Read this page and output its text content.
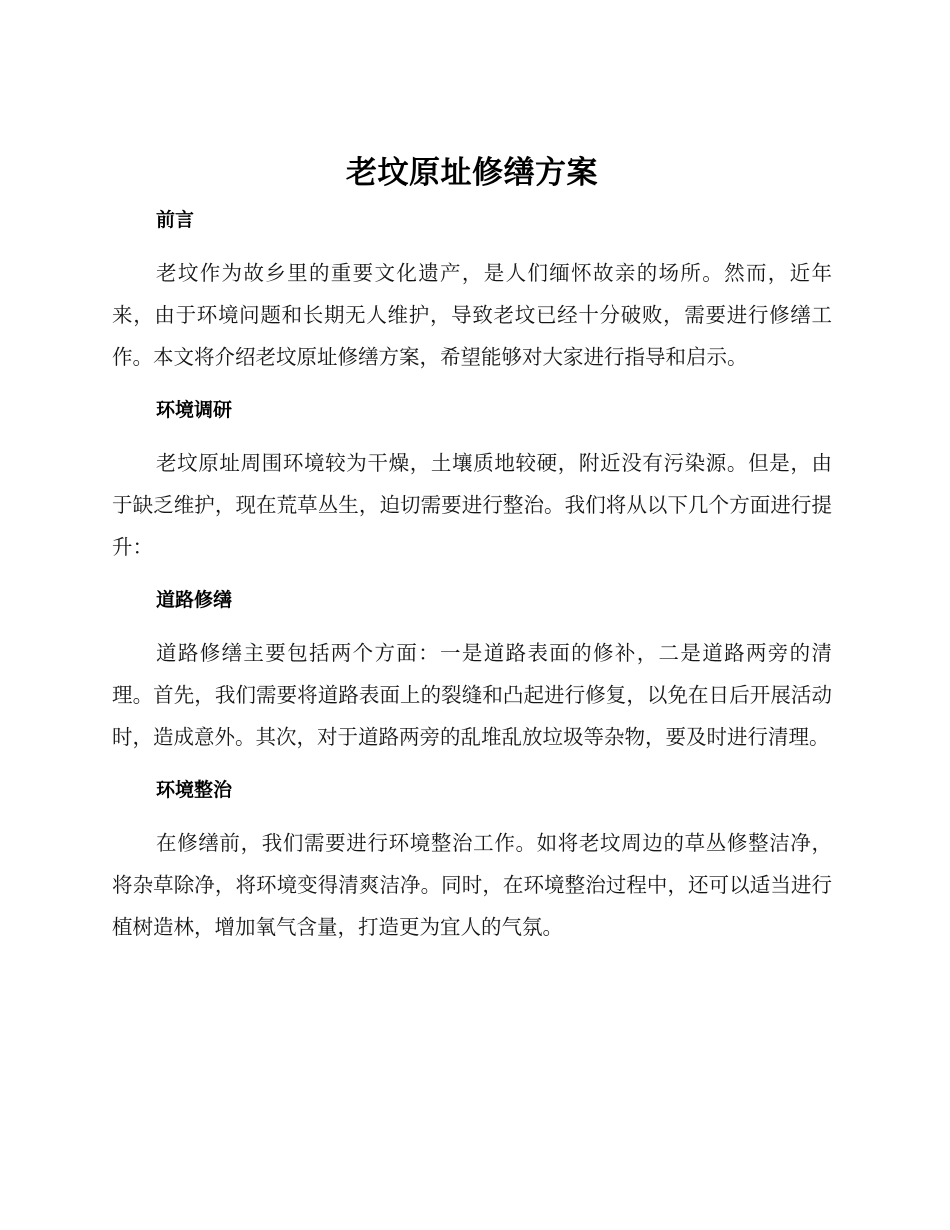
老坟原址修缮方案
前言

老坟作为故乡里的重要文化遗产，是人们缅怀故亲的场所。然而，近年来，由于环境问题和长期无人维护，导致老坟已经十分破败，需要进行修缮工作。本文将介绍老坟原址修缮方案，希望能够对大家进行指导和启示。

环境调研

老坟原址周围环境较为干燥，土壤质地较硬，附近没有污染源。但是，由于缺乏维护，现在荒草丛生，迫切需要进行整治。我们将从以下几个方面进行提升：

道路修缮

道路修缮主要包括两个方面：一是道路表面的修补，二是道路两旁的清理。首先，我们需要将道路表面上的裂缝和凸起进行修复，以免在日后开展活动时，造成意外。其次，对于道路两旁的乱堆乱放垃圾等杂物，要及时进行清理。

环境整治

在修缮前，我们需要进行环境整治工作。如将老坟周边的草丛修整洁净，将杂草除净，将环境变得清爽洁净。同时，在环境整治过程中，还可以适当进行植树造林，增加氧气含量，打造更为宜人的气氛。
